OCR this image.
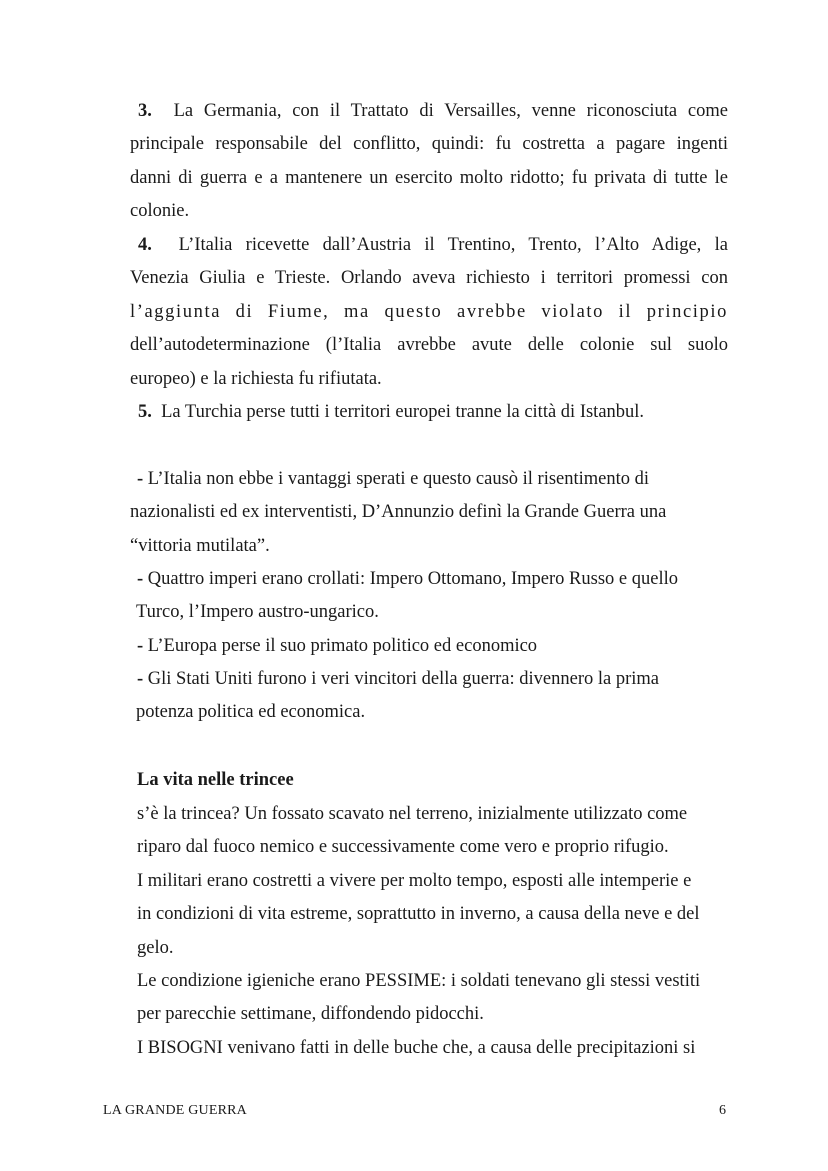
3. La Germania, con il Trattato di Versailles, venne riconosciuta come
principale responsabile del conflitto, quindi: fu costretta a pagare ingenti
danni di guerra e a mantenere un esercito molto ridotto; fu privata di tutte le
colonie.
4. L’Italia ricevette dall’Austria il Trentino, Trento, l’Alto Adige, la
Venezia Giulia e Trieste. Orlando aveva richiesto i territori promessi con
l’aggiunta di Fiume, ma questo avrebbe violato il principio
dell’autodeterminazione (l’Italia avrebbe avute delle colonie sul suolo
europeo) e la richiesta fu rifiutata.
5. La Turchia perse tutti i territori europei tranne la città di Istanbul.
- L’Italia non ebbe i vantaggi sperati e questo causò il risentimento di
nazionalisti ed ex interventisti, D’Annunzio definì la Grande Guerra una
“vittoria mutilata”.
- Quattro imperi erano crollati: Impero Ottomano, Impero Russo e quello
Turco, l’Impero austro-ungarico.
- L’Europa perse il suo primato politico ed economico
- Gli Stati Uniti furono i veri vincitori della guerra: divennero la prima
potenza politica ed economica.
La vita nelle trincee
s’è la trincea? Un fossato scavato nel terreno, inizialmente utilizzato come
riparo dal fuoco nemico e successivamente come vero e proprio rifugio.
I militari erano costretti a vivere per molto tempo, esposti alle intemperie e
in condizioni di vita estreme, soprattutto in inverno, a causa della neve e del
gelo.
Le condizione igieniche erano PESSIME: i soldati tenevano gli stessi vestiti
per parecchie settimane, diffondendo pidocchi.
I BISOGNI venivano fatti in delle buche che, a causa delle precipitazioni si
LA GRANDE GUERRA	6
